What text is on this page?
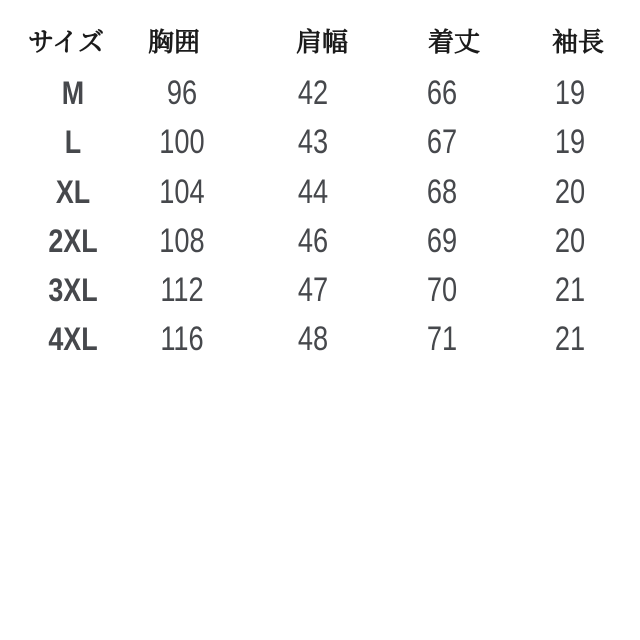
サイズ 胸囲	肩幅	着丈	袖長
M 96	42	66	19
L 100	43	67	19
XL 104	44	68	20
2XL 108	46	69	20
3XL 112	47	70	21
4XL 116	48	71	21
